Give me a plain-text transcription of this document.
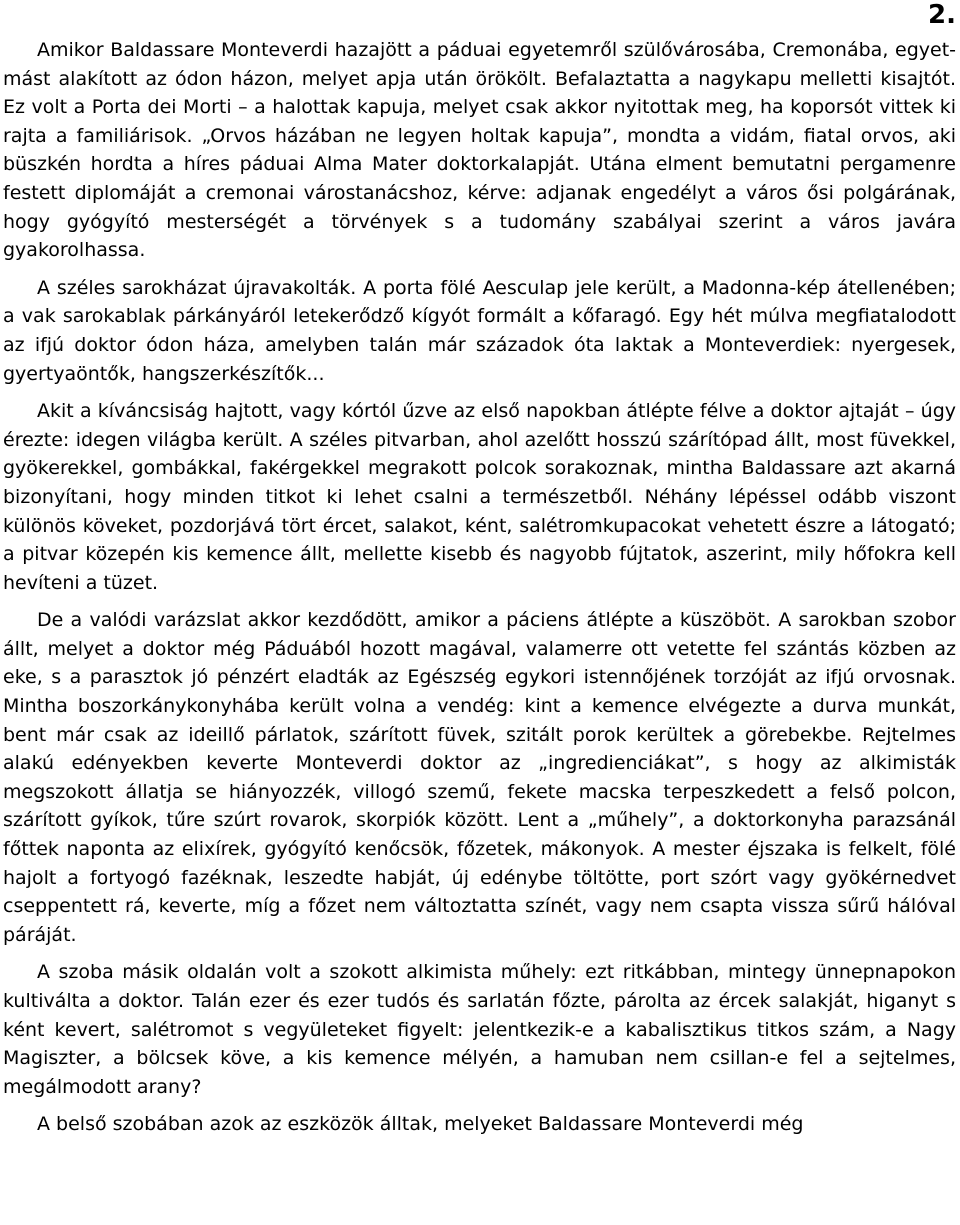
2.

Amikor Baldassare Monteverdi hazajött a páduai egyetemről szülővárosába, Cremonába, egyet-mást alakított az ódon házon, melyet apja után örökölt. Befalaztatta a nagykapu melletti kisajtót. Ez volt a Porta dei Morti – a halottak kapuja, melyet csak akkor nyitottak meg, ha koporsót vittek ki rajta a familiárisok. „Orvos házában ne legyen holtak kapuja”, mondta a vidám, fiatal orvos, aki büszkén hordta a híres páduai Alma Mater doktorkalapját. Utána elment bemutatni pergamenre festett diplomáját a cremonai várostanácshoz, kérve: adjanak engedélyt a város ősi polgárának, hogy gyógyító mesterségét a törvények s a tudomány szabályai szerint a város javára gyakorolhassa.

A széles sarokházat újravakolták. A porta fölé Aesculap jele került, a Madonna-kép átellenében; a vak sarokablak párkányáról letekerődző kígyót formált a kőfaragó. Egy hét múlva megfiatalodott az ifjú doktor ódon háza, amelyben talán már századok óta laktak a Monteverdiek: nyergesek, gyertyaöntők, hangszerkészítők...

Akit a kíváncsiság hajtott, vagy kórtól űzve az első napokban átlépte félve a doktor ajtaját – úgy érezte: idegen világba került. A széles pitvarban, ahol azelőtt hosszú szárítópad állt, most füvekkel, gyökerekkel, gombákkal, fakérgekkel megrakott polcok sorakoznak, mintha Baldassare azt akarná bizonyítani, hogy minden titkot ki lehet csalni a természetből. Néhány lépéssel odább viszont különös köveket, pozdorjává tört ércet, salakot, ként, salétromkupacokat vehetett észre a látogató; a pitvar közepén kis kemence állt, mellette kisebb és nagyobb fújtatok, aszerint, mily hőfokra kell hevíteni a tüzet.

De a valódi varázslat akkor kezdődött, amikor a páciens átlépte a küszöböt. A sarokban szobor állt, melyet a doktor még Páduából hozott magával, valamerre ott vetette fel szántás közben az eke, s a parasztok jó pénzért eladták az Egészség egykori istennőjének torzóját az ifjú orvosnak. Mintha boszorkánykonyhába került volna a vendég: kint a kemence elvégezte a durva munkát, bent már csak az ideillő párlatok, szárított füvek, szitált porok kerültek a görebekbe. Rejtelmes alakú edényekben keverte Monteverdi doktor az „ingredienciákat”, s hogy az alkimisták megszokott állatja se hiányozzék, villogó szemű, fekete macska terpeszkedett a felső polcon, szárított gyíkok, tűre szúrt rovarok, skorpiók között. Lent a „műhely”, a doktorkonyha parazsánál főttek naponta az elixírek, gyógyító kenőcsök, főzetek, mákonyok. A mester éjszaka is felkelt, fölé hajolt a fortyogó fazéknak, leszedte habját, új edénybe töltötte, port szórt vagy gyökérnedvet cseppentett rá, keverte, míg a főzet nem változtatta színét, vagy nem csapta vissza sűrű hálóval páráját.

A szoba másik oldalán volt a szokott alkimista műhely: ezt ritkábban, mintegy ünnepnapokon kultiválta a doktor. Talán ezer és ezer tudós és sarlatán főzte, párolta az ércek salakját, higanyt s ként kevert, salétromot s vegyületeket figyelt: jelentkezik-e a kabalisztikus titkos szám, a Nagy Magiszter, a bölcsek köve, a kis kemence mélyén, a hamuban nem csillan-e fel a sejtelmes, megálmodott arany?

A belső szobában azok az eszközök álltak, melyeket Baldassare Monteverdi még
